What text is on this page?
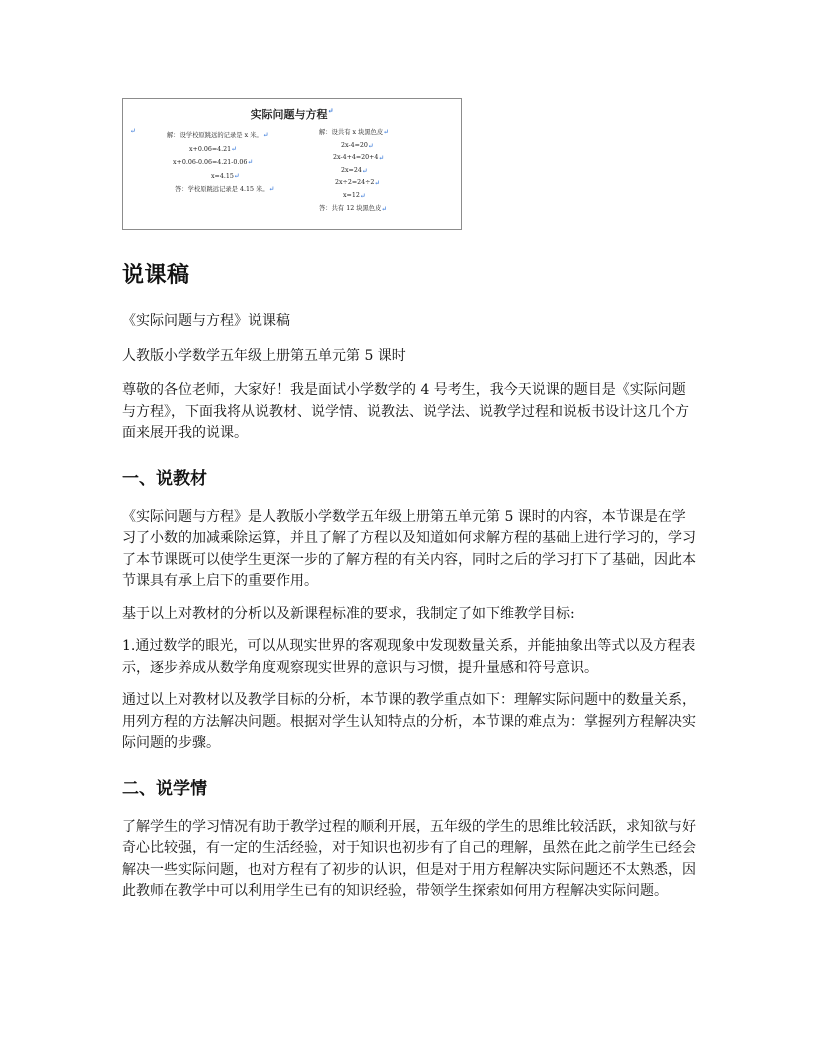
实际问题与方程↵
↵
解：设学校原跳远的记录是 x 米。↵
x+0.06=4.21↵
x+0.06-0.06=4.21-0.06↵
x=4.15↵
答：学校原跳远记录是 4.15 米。↵
解：设共有 x 块黑色皮↵
2x-4=20↵
2x-4+4=20+4↵
2x=24↵
2x÷2=24÷2↵
x=12↵
答：共有 12 块黑色皮↵
说课稿

《实际问题与方程》说课稿

人教版小学数学五年级上册第五单元第 5 课时

尊敬的各位老师，大家好！我是面试小学数学的 4 号考生，我今天说课的题目是《实际问题与方程》，下面我将从说教材、说学情、说教法、说学法、说教学过程和说板书设计这几个方面来展开我的说课。

一、说教材

《实际问题与方程》是人教版小学数学五年级上册第五单元第 5 课时的内容，本节课是在学习了小数的加减乘除运算，并且了解了方程以及知道如何求解方程的基础上进行学习的，学习了本节课既可以使学生更深一步的了解方程的有关内容，同时之后的学习打下了基础，因此本节课具有承上启下的重要作用。

基于以上对教材的分析以及新课程标准的要求，我制定了如下维教学目标:

1.通过数学的眼光，可以从现实世界的客观现象中发现数量关系，并能抽象出等式以及方程表示，逐步养成从数学角度观察现实世界的意识与习惯，提升量感和符号意识。

通过以上对教材以及教学目标的分析，本节课的教学重点如下：理解实际问题中的数量关系，用列方程的方法解决问题。根据对学生认知特点的分析，本节课的难点为：掌握列方程解决实际问题的步骤。

二、说学情

了解学生的学习情况有助于教学过程的顺利开展，五年级的学生的思维比较活跃，求知欲与好奇心比较强，有一定的生活经验，对于知识也初步有了自己的理解，虽然在此之前学生已经会解决一些实际问题，也对方程有了初步的认识，但是对于用方程解决实际问题还不太熟悉，因此教师在教学中可以利用学生已有的知识经验，带领学生探索如何用方程解决实际问题。
